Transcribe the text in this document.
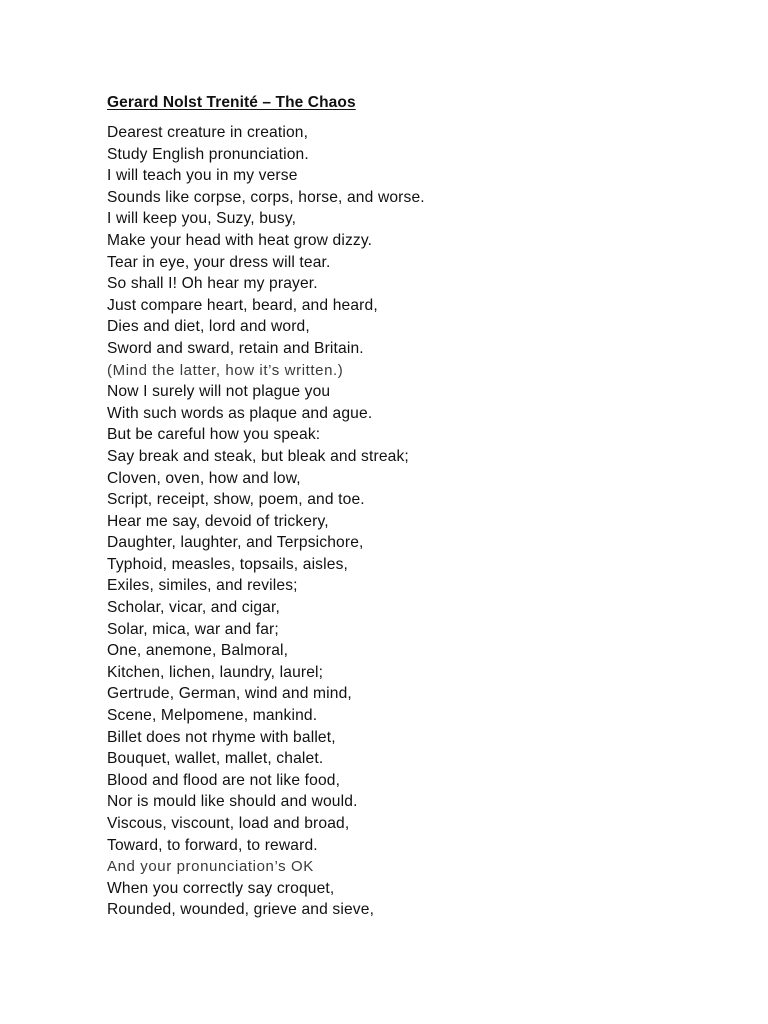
Gerard Nolst Trenité – The Chaos
Dearest creature in creation,
Study English pronunciation.
I will teach you in my verse
Sounds like corpse, corps, horse, and worse.
I will keep you, Suzy, busy,
Make your head with heat grow dizzy.
Tear in eye, your dress will tear.
So shall I! Oh hear my prayer.
Just compare heart, beard, and heard,
Dies and diet, lord and word,
Sword and sward, retain and Britain.
(Mind the latter, how it’s written.)
Now I surely will not plague you
With such words as plaque and ague.
But be careful how you speak:
Say break and steak, but bleak and streak;
Cloven, oven, how and low,
Script, receipt, show, poem, and toe.
Hear me say, devoid of trickery,
Daughter, laughter, and Terpsichore,
Typhoid, measles, topsails, aisles,
Exiles, similes, and reviles;
Scholar, vicar, and cigar,
Solar, mica, war and far;
One, anemone, Balmoral,
Kitchen, lichen, laundry, laurel;
Gertrude, German, wind and mind,
Scene, Melpomene, mankind.
Billet does not rhyme with ballet,
Bouquet, wallet, mallet, chalet.
Blood and flood are not like food,
Nor is mould like should and would.
Viscous, viscount, load and broad,
Toward, to forward, to reward.
And your pronunciation’s OK
When you correctly say croquet,
Rounded, wounded, grieve and sieve,
